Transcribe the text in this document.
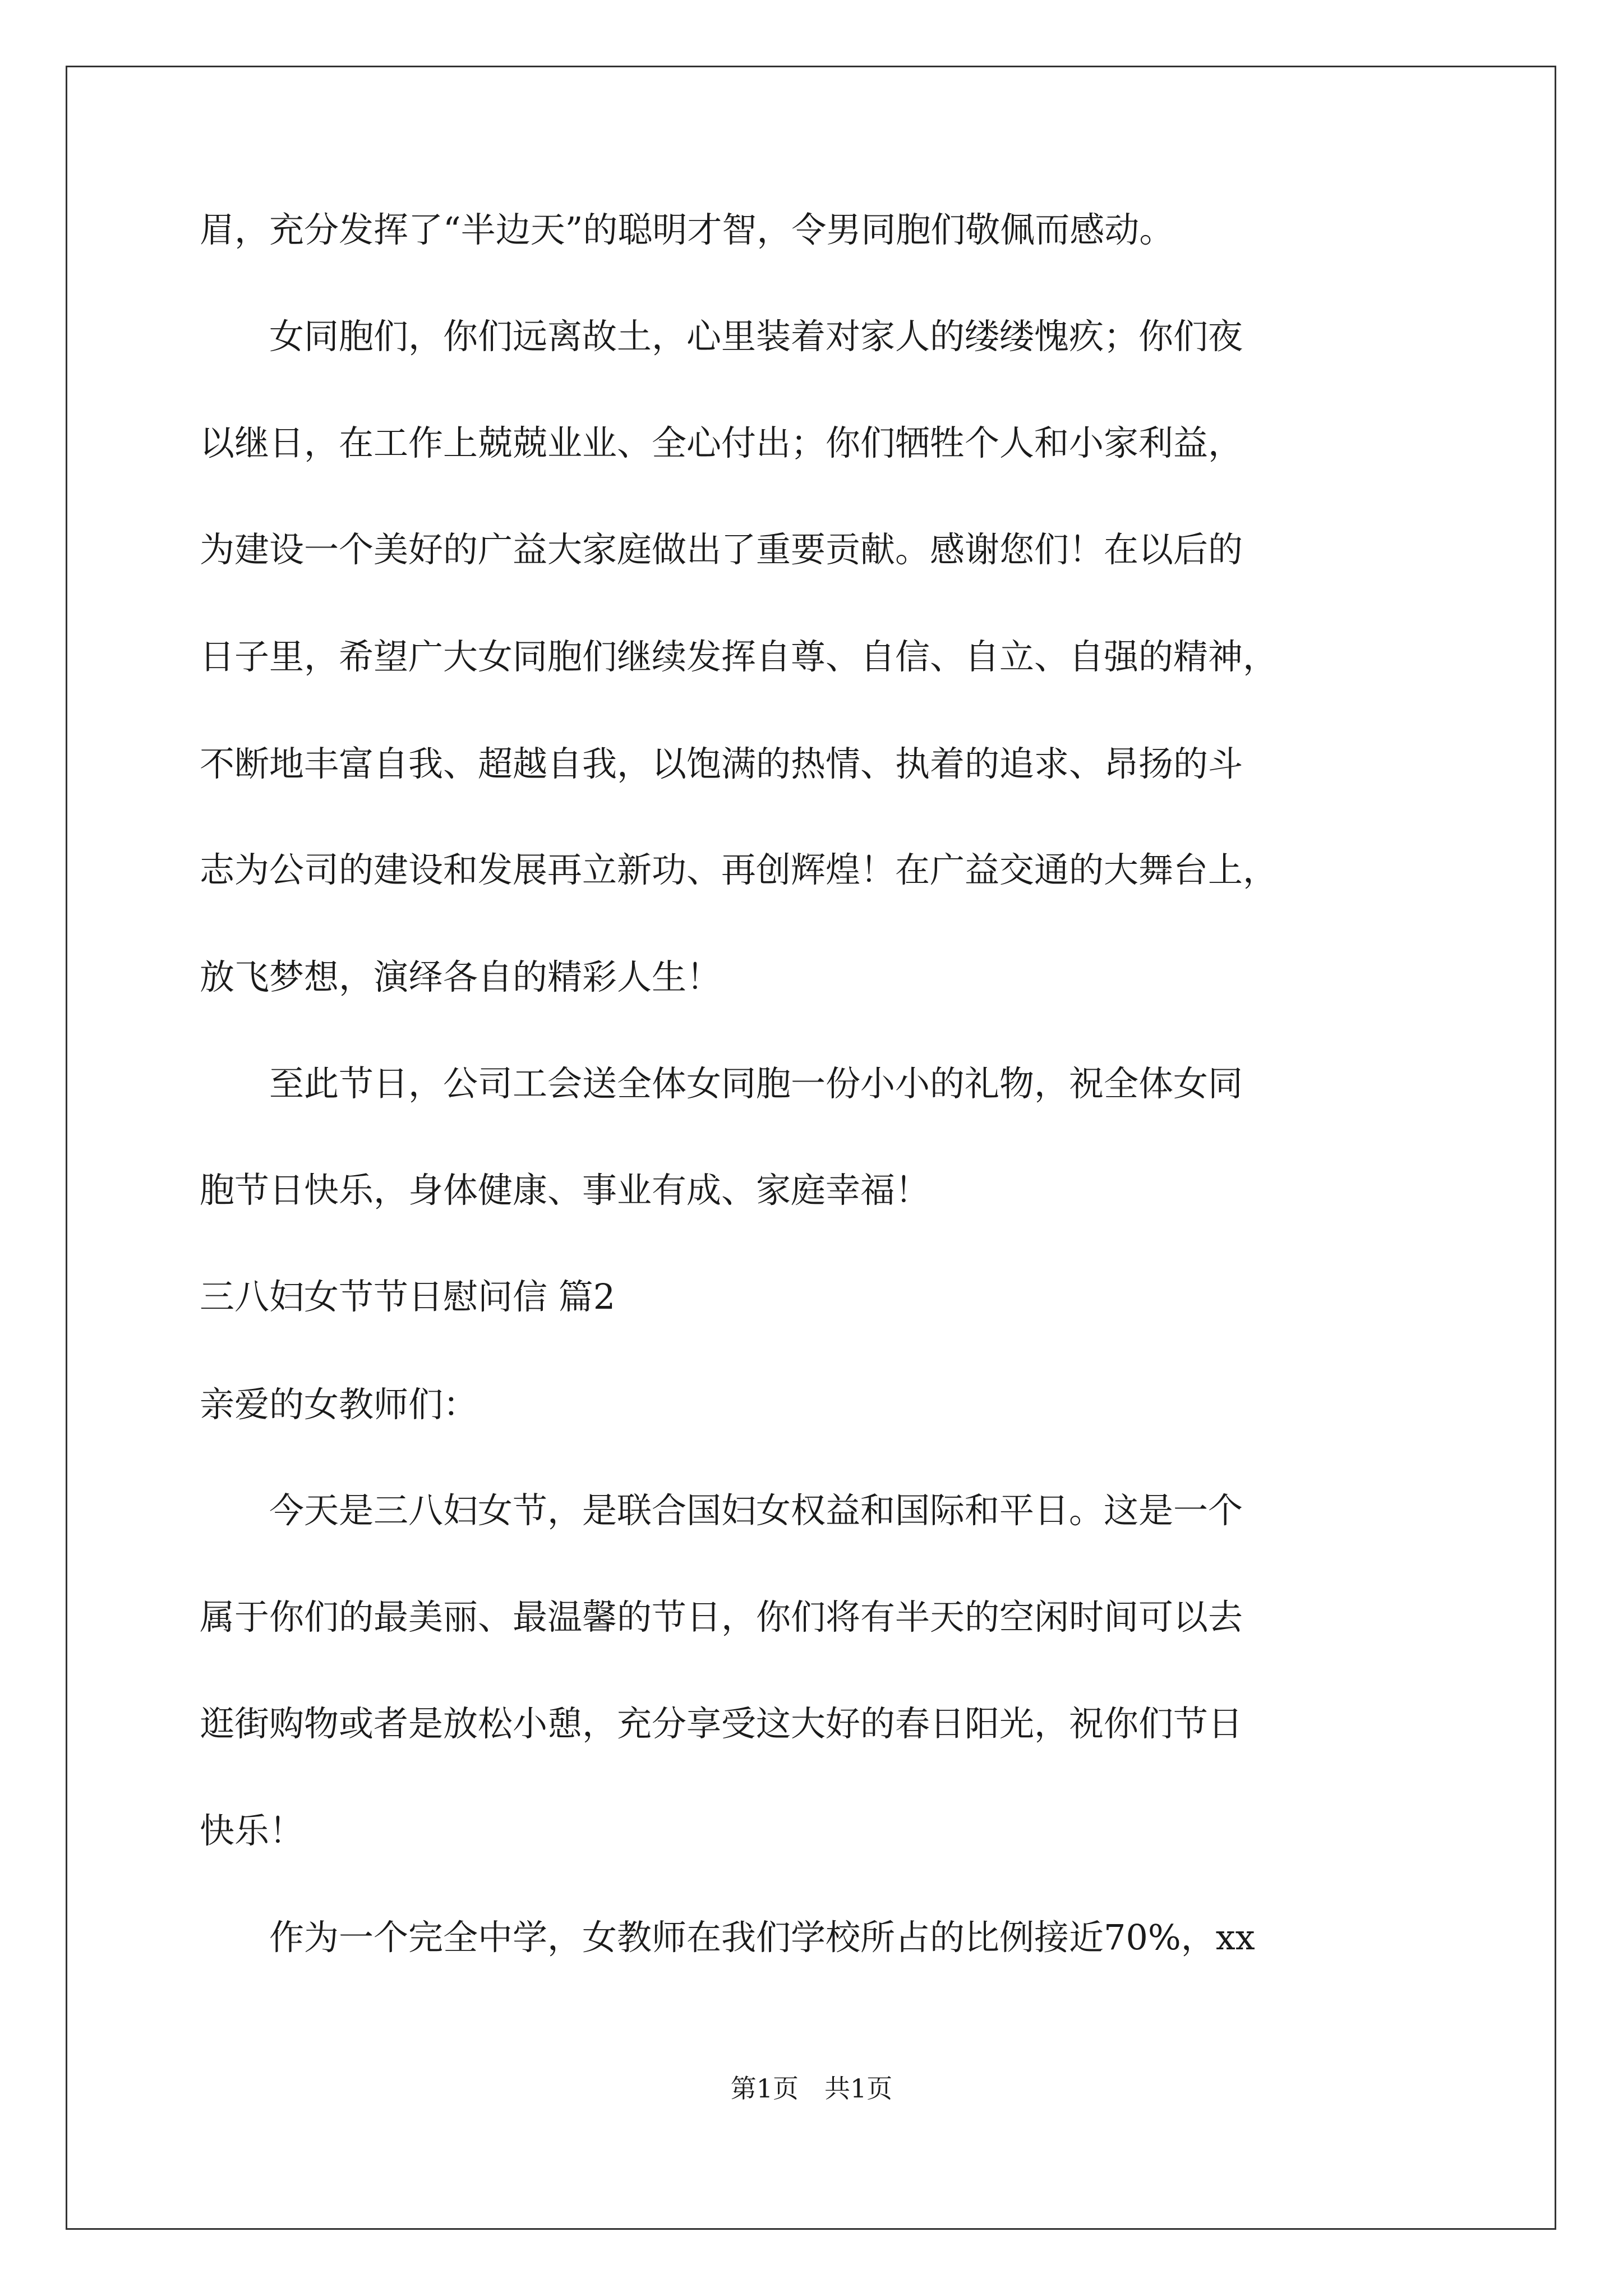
眉，充分发挥了“半边天”的聪明才智，令男同胞们敬佩而感动。
　　女同胞们，你们远离故土，心里装着对家人的缕缕愧疚；你们夜
以继日，在工作上兢兢业业、全心付出；你们牺牲个人和小家利益，
为建设一个美好的广益大家庭做出了重要贡献。感谢您们！在以后的
日子里，希望广大女同胞们继续发挥自尊、自信、自立、自强的精神，
不断地丰富自我、超越自我，以饱满的热情、执着的追求、昂扬的斗
志为公司的建设和发展再立新功、再创辉煌！在广益交通的大舞台上，
放飞梦想，演绎各自的精彩人生！
　　至此节日，公司工会送全体女同胞一份小小的礼物，祝全体女同
胞节日快乐，身体健康、事业有成、家庭幸福！
三八妇女节节日慰问信 篇2
亲爱的女教师们：
　　今天是三八妇女节，是联合国妇女权益和国际和平日。这是一个
属于你们的最美丽、最温馨的节日，你们将有半天的空闲时间可以去
逛街购物或者是放松小憩，充分享受这大好的春日阳光，祝你们节日
快乐！
　　作为一个完全中学，女教师在我们学校所占的比例接近70%，xx
第1页　共1页
